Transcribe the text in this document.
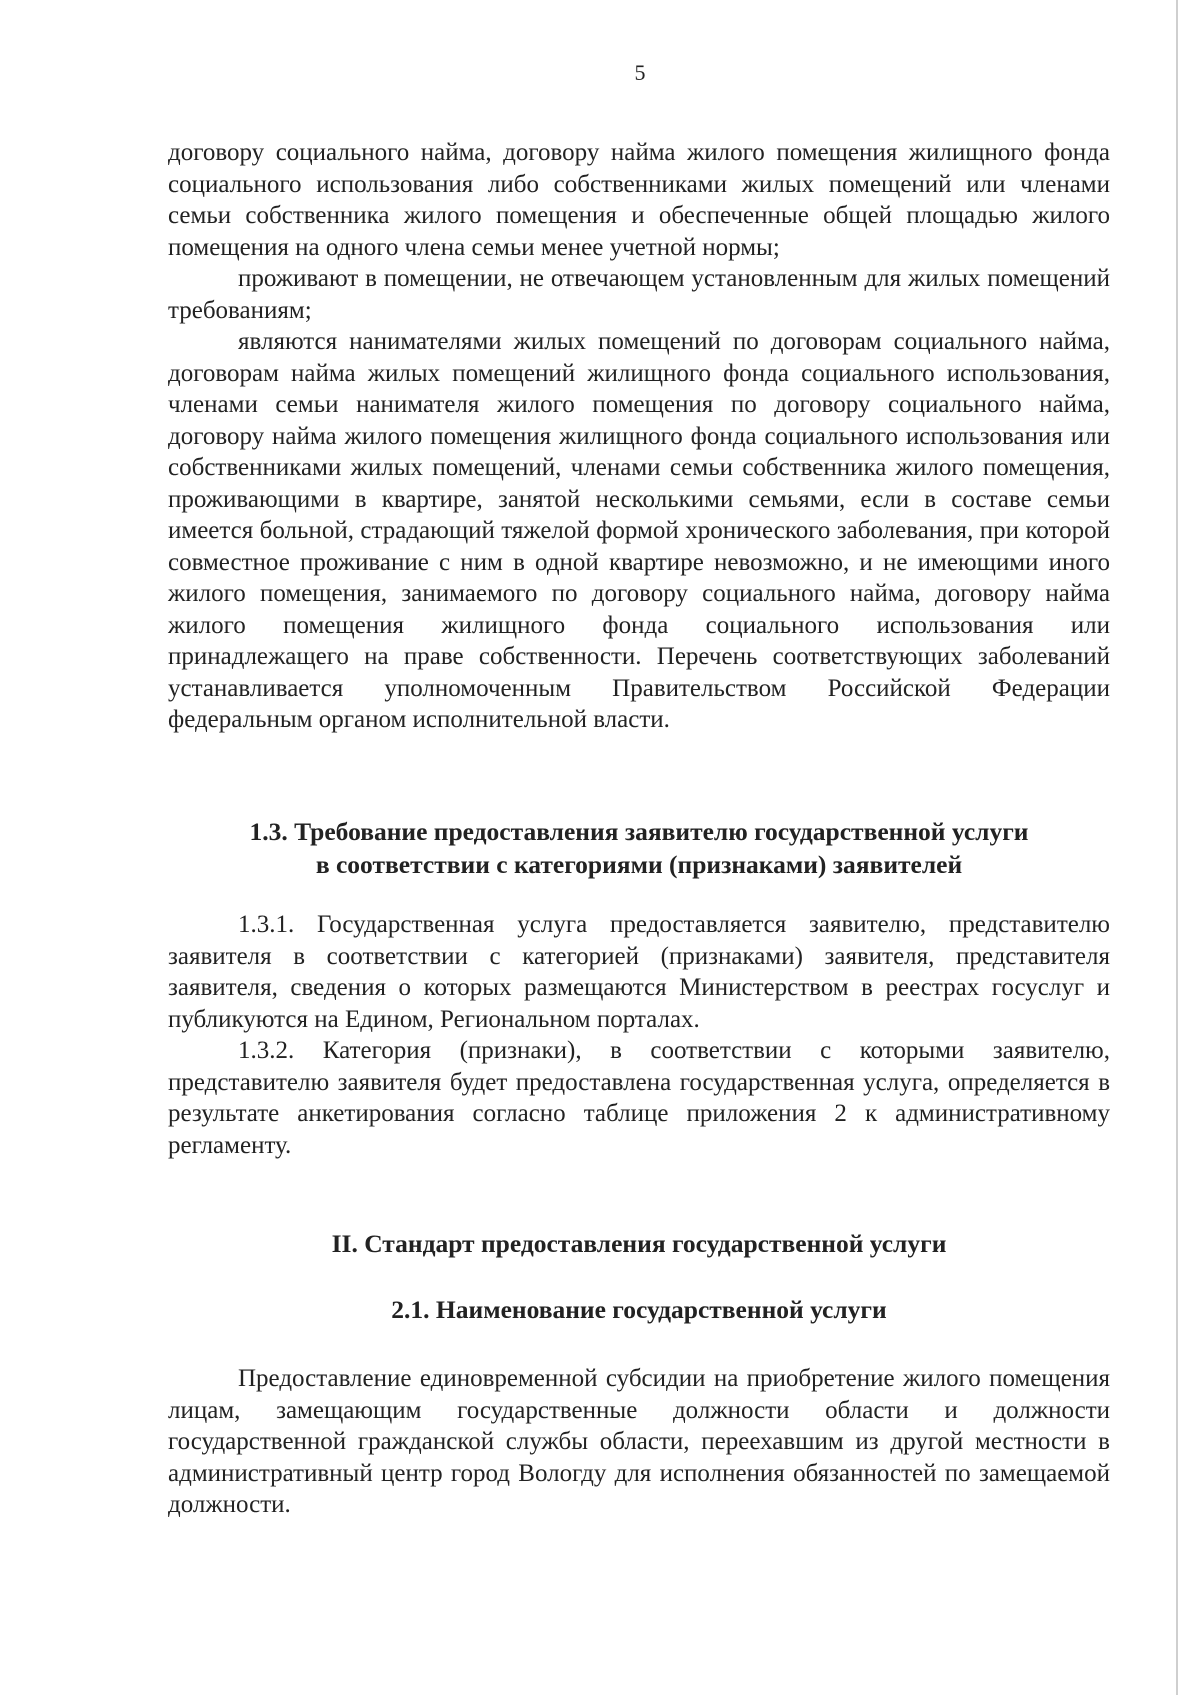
5

договору социального найма, договору найма жилого помещения жилищного фонда социального использования либо собственниками жилых помещений или членами семьи собственника жилого помещения и обеспеченные общей площадью жилого помещения на одного члена семьи менее учетной нормы;

проживают в помещении, не отвечающем установленным для жилых помещений требованиям;

являются нанимателями жилых помещений по договорам социального найма, договорам найма жилых помещений жилищного фонда социального использования, членами семьи нанимателя жилого помещения по договору социального найма, договору найма жилого помещения жилищного фонда социального использования или собственниками жилых помещений, членами семьи собственника жилого помещения, проживающими в квартире, занятой несколькими семьями, если в составе семьи имеется больной, страдающий тяжелой формой хронического заболевания, при которой совместное проживание с ним в одной квартире невозможно, и не имеющими иного жилого помещения, занимаемого по договору социального найма, договору найма жилого помещения жилищного фонда социального использования или принадлежащего на праве собственности. Перечень соответствующих заболеваний устанавливается уполномоченным Правительством Российской Федерации федеральным органом исполнительной власти.

1.3. Требование предоставления заявителю государственной услуги
в соответствии с категориями (признаками) заявителей

1.3.1. Государственная услуга предоставляется заявителю, представителю заявителя в соответствии с категорией (признаками) заявителя, представителя заявителя, сведения о которых размещаются Министерством в реестрах госуслуг и публикуются на Едином, Региональном порталах.

1.3.2. Категория (признаки), в соответствии с которыми заявителю, представителю заявителя будет предоставлена государственная услуга, определяется в результате анкетирования согласно таблице приложения 2 к административному регламенту.

II. Стандарт предоставления государственной услуги
2.1. Наименование государственной услуги

Предоставление единовременной субсидии на приобретение жилого помещения лицам, замещающим государственные должности области и должности государственной гражданской службы области, переехавшим из другой местности в административный центр город Вологду для исполнения обязанностей по замещаемой должности.
